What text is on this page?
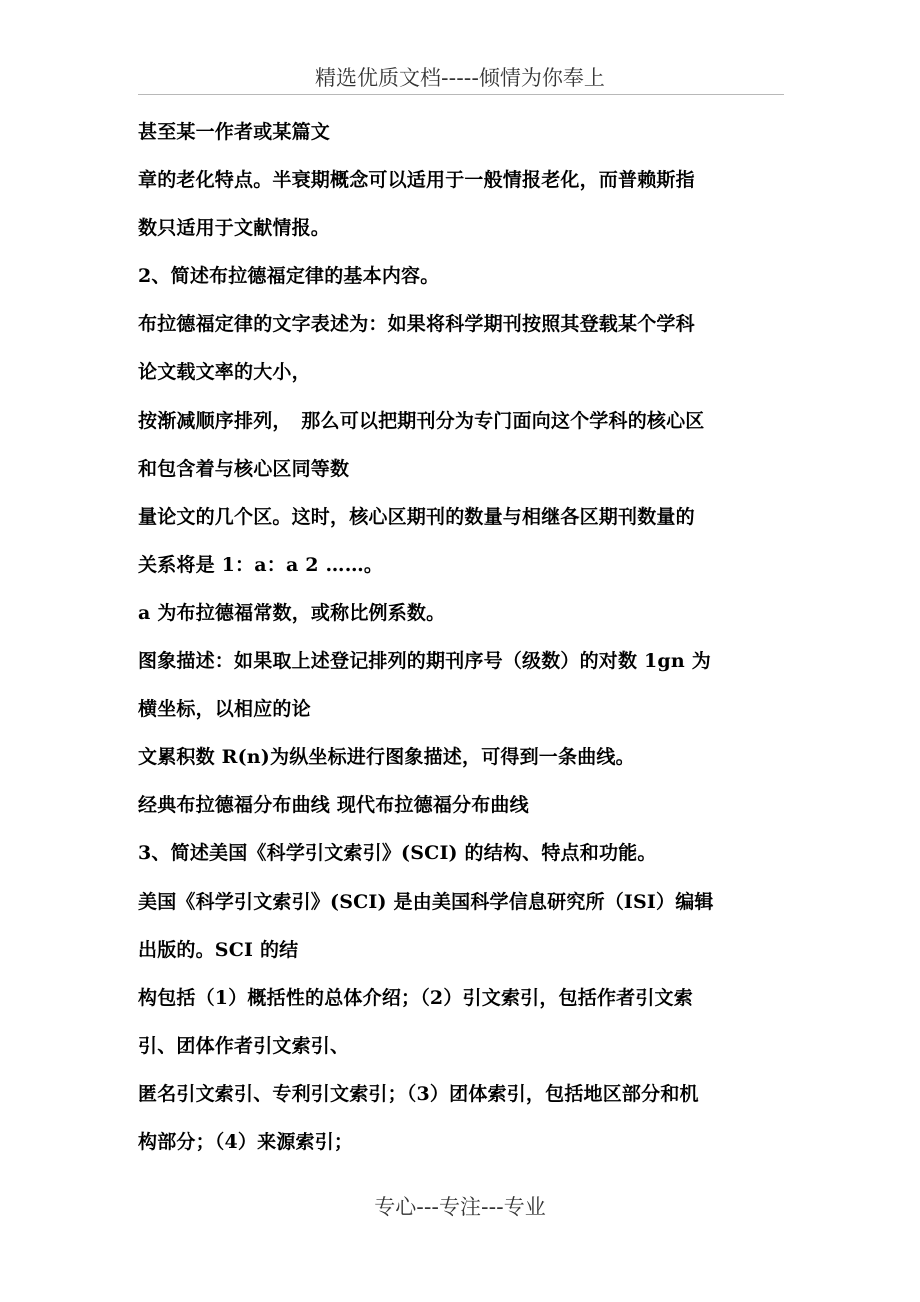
精选优质文档-----倾情为你奉上
甚至某一作者或某篇文
章的老化特点。半衰期概念可以适用于一般情报老化，而普赖斯指
数只适用于文献情报。
2、简述布拉德福定律的基本内容。
布拉德福定律的文字表述为：如果将科学期刊按照其登载某个学科
论文载文率的大小，
按渐减顺序排列，　那么可以把期刊分为专门面向这个学科的核心区
和包含着与核心区同等数
量论文的几个区。这时，核心区期刊的数量与相继各区期刊数量的
关系将是 1：a：a 2 ……。
a 为布拉德福常数，或称比例系数。
图象描述：如果取上述登记排列的期刊序号（级数）的对数 1gn 为
横坐标，以相应的论
文累积数 R(n)为纵坐标进行图象描述，可得到一条曲线。
经典布拉德福分布曲线 现代布拉德福分布曲线
3、简述美国《科学引文索引》(SCI) 的结构、特点和功能。
美国《科学引文索引》(SCI) 是由美国科学信息研究所（ISI）编辑
出版的。SCI 的结
构包括（1）概括性的总体介绍；（2）引文索引，包括作者引文索
引、团体作者引文索引、
匿名引文索引、专利引文索引；（3）团体索引，包括地区部分和机
构部分；（4）来源索引；
专心---专注---专业
